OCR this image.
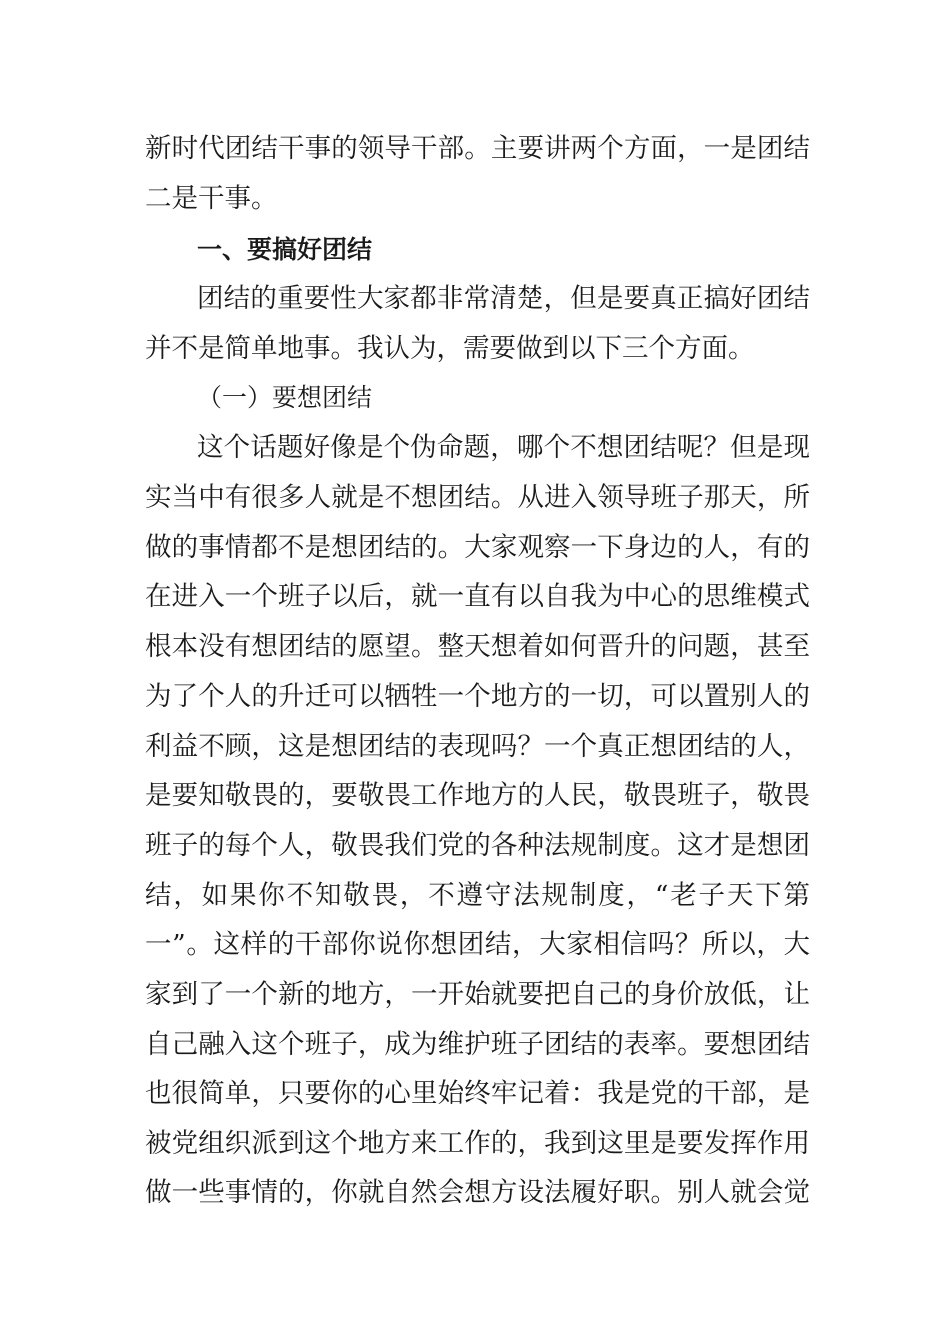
新时代团结干事的领导干部。主要讲两个方面，一是团结
二是干事。
一、要搞好团结
团结的重要性大家都非常清楚，但是要真正搞好团结
并不是简单地事。我认为，需要做到以下三个方面。
（一）要想团结
这个话题好像是个伪命题，哪个不想团结呢？但是现
实当中有很多人就是不想团结。从进入领导班子那天，所
做的事情都不是想团结的。大家观察一下身边的人，有的
在进入一个班子以后，就一直有以自我为中心的思维模式
根本没有想团结的愿望。整天想着如何晋升的问题，甚至
为了个人的升迁可以牺牲一个地方的一切，可以置别人的
利益不顾，这是想团结的表现吗？一个真正想团结的人，
是要知敬畏的，要敬畏工作地方的人民，敬畏班子，敬畏
班子的每个人，敬畏我们党的各种法规制度。这才是想团
结，如果你不知敬畏，不遵守法规制度，“老子天下第
一”。这样的干部你说你想团结，大家相信吗？所以，大
家到了一个新的地方，一开始就要把自己的身价放低，让
自己融入这个班子，成为维护班子团结的表率。要想团结
也很简单，只要你的心里始终牢记着：我是党的干部，是
被党组织派到这个地方来工作的，我到这里是要发挥作用
做一些事情的，你就自然会想方设法履好职。别人就会觉
